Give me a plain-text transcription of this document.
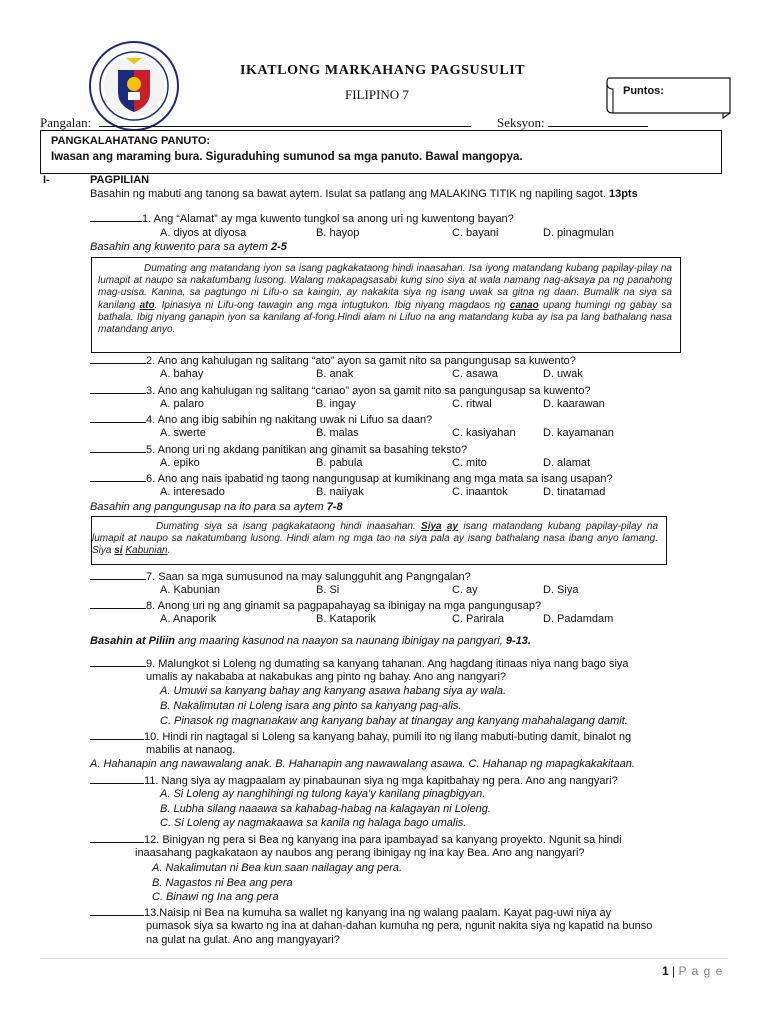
IKATLONG MARKAHANG PAGSUSULIT
FILIPINO 7	Puntos:
Pangalan:	Seksyon:
PANGKALAHATANG PANUTO:
Iwasan ang maraming bura. Siguraduhing sumunod sa mga panuto. Bawal mangopya.
I-	PAGPILIAN
Basahin ng mabuti ang tanong sa bawat aytem. Isulat sa patlang ang MALAKING TITIK ng napiling sagot. 13pts
1. Ang “Alamat” ay mga kuwento tungkol sa anong uri ng kuwentong bayan?
A. diyos at diyosa	B. hayop	C. bayani	D. pinagmulan
Basahin ang kuwento para sa aytem 2-5
Dumating ang matandang iyon sa isang pagkakataong hindi inaasahan. Isa iyong matandang kubang papilay-pilay na lumapit at naupo sa nakatumbang lusong. Walang makapagsasabi kung sino siya at wala namang nag-aksaya pa ng panahong mag-usisa. Kanina, sa pagtungo ni Lifu-o sa kaingin, ay nakakita siya ng isang uwak sa gitna ng daan. Bumalik na siya sa kanilang ato. Ipinasiya ni Lifu-ong tawagin ang mga intugtukon. Ibig niyang magdaos ng canao upang humingi ng gabay sa bathala. Ibig niyang ganapin iyon sa kanilang af-fong.Hindi alam ni Lifuo na ang matandang kuba ay isa pa lang bathalang nasa matandang anyo.
2. Ano ang kahulugan ng salitang “ato” ayon sa gamit nito sa pangungusap sa kuwento?
A. bahay	B. anak	C. asawa	D. uwak
3. Ano ang kahulugan ng salitang “canao” ayon sa gamit nito sa pangungusap sa kuwento?
A. palaro	B. ingay	C. ritwal	D. kaarawan
4. Ano ang ibig sabihin ng nakitang uwak ni Lifuo sa daan?
A. swerte	B. malas	C. kasiyahan D. kayamanan
5. Anong uri ng akdang panitikan ang ginamit sa basahing teksto?
A. epiko	B. pabula	C. mito	D. alamat
6. Ano ang nais ipabatid ng taong nangungusap at kumikinang ang mga mata sa isang usapan?
A. interesado	B. naiiyak	C. inaantok	D. tinatamad
Basahin ang pangungusap na ito para sa aytem 7-8
Dumating siya sa isang pagkakataong hindi inaasahan. Siya ay isang matandang kubang papilay-pilay na lumapit at naupo sa nakatumbang lusong. Hindi alam ng mga tao na siya pala ay isang bathalang nasa ibang anyo lamang. Siya si Kabunian.
7. Saan sa mga sumusunod na may salungguhit ang Pangngalan?
A. Kabunian	B. Si	C. ay	D. Siya
8. Anong uri ng ang ginamit sa pagpapahayag sa ibinigay na mga pangungusap?
A. Anaporik	B. Kataporik	C. Parirala	D. Padamdam
Basahin at Piliin ang maaring kasunod na naayon sa naunang ibinigay na pangyari, 9-13.
9. Malungkot si Loleng ng dumating sa kanyang tahanan. Ang hagdang itinaas niya nang bago siya
umalis ay nakababa at nakabukas ang pinto ng bahay. Ano ang nangyari?
A. Umuwi sa kanyang bahay ang kanyang asawa habang siya ay wala.
B. Nakalimutan ni Loleng isara ang pinto sa kanyang pag-alis.
C. Pinasok ng magnanakaw ang kanyang bahay at tinangay ang kanyang mahahalagang damit.
10. Hindi rin nagtagal si Loleng sa kanyang bahay, pumili ito ng ilang mabuti-buting damit, binalot ng
mabilis at nanaog.
A. Hahanapin ang nawawalang anak. B. Hahanapin ang nawawalang asawa. C. Hahanap ng mapagkakakitaan.
11. Nang siya ay magpaalam ay pinabaunan siya ng mga kapitbahay ng pera. Ano ang nangyari?
A. Si Loleng ay nanghihingi ng tulong kaya’y kanilang pinagbigyan.
B. Lubha silang naaawa sa kahabag-habag na kalagayan ni Loleng.
C. Si Loleng ay nagmakaawa sa kanila ng halaga bago umalis.
12. Binigyan ng pera si Bea ng kanyang ina para ipambayad sa kanyang proyekto. Ngunit sa hindi
inaasahang pagkakataon ay naubos ang perang ibinigay ng ina kay Bea. Ano ang nangyari?
A. Nakalimutan ni Bea kun saan nailagay ang pera.
B. Nagastos ni Bea ang pera
C. Binawi ng Ina ang pera
13.Naisip ni Bea na kumuha sa wallet ng kanyang ina ng walang paalam. Kayat pag-uwi niya ay
pumasok siya sa kwarto ng ina at dahan-dahan kumuha ng pera, ngunit nakita siya ng kapatid na bunso
na gulat na gulat. Ano ang mangyayari?
1 | P a g e
